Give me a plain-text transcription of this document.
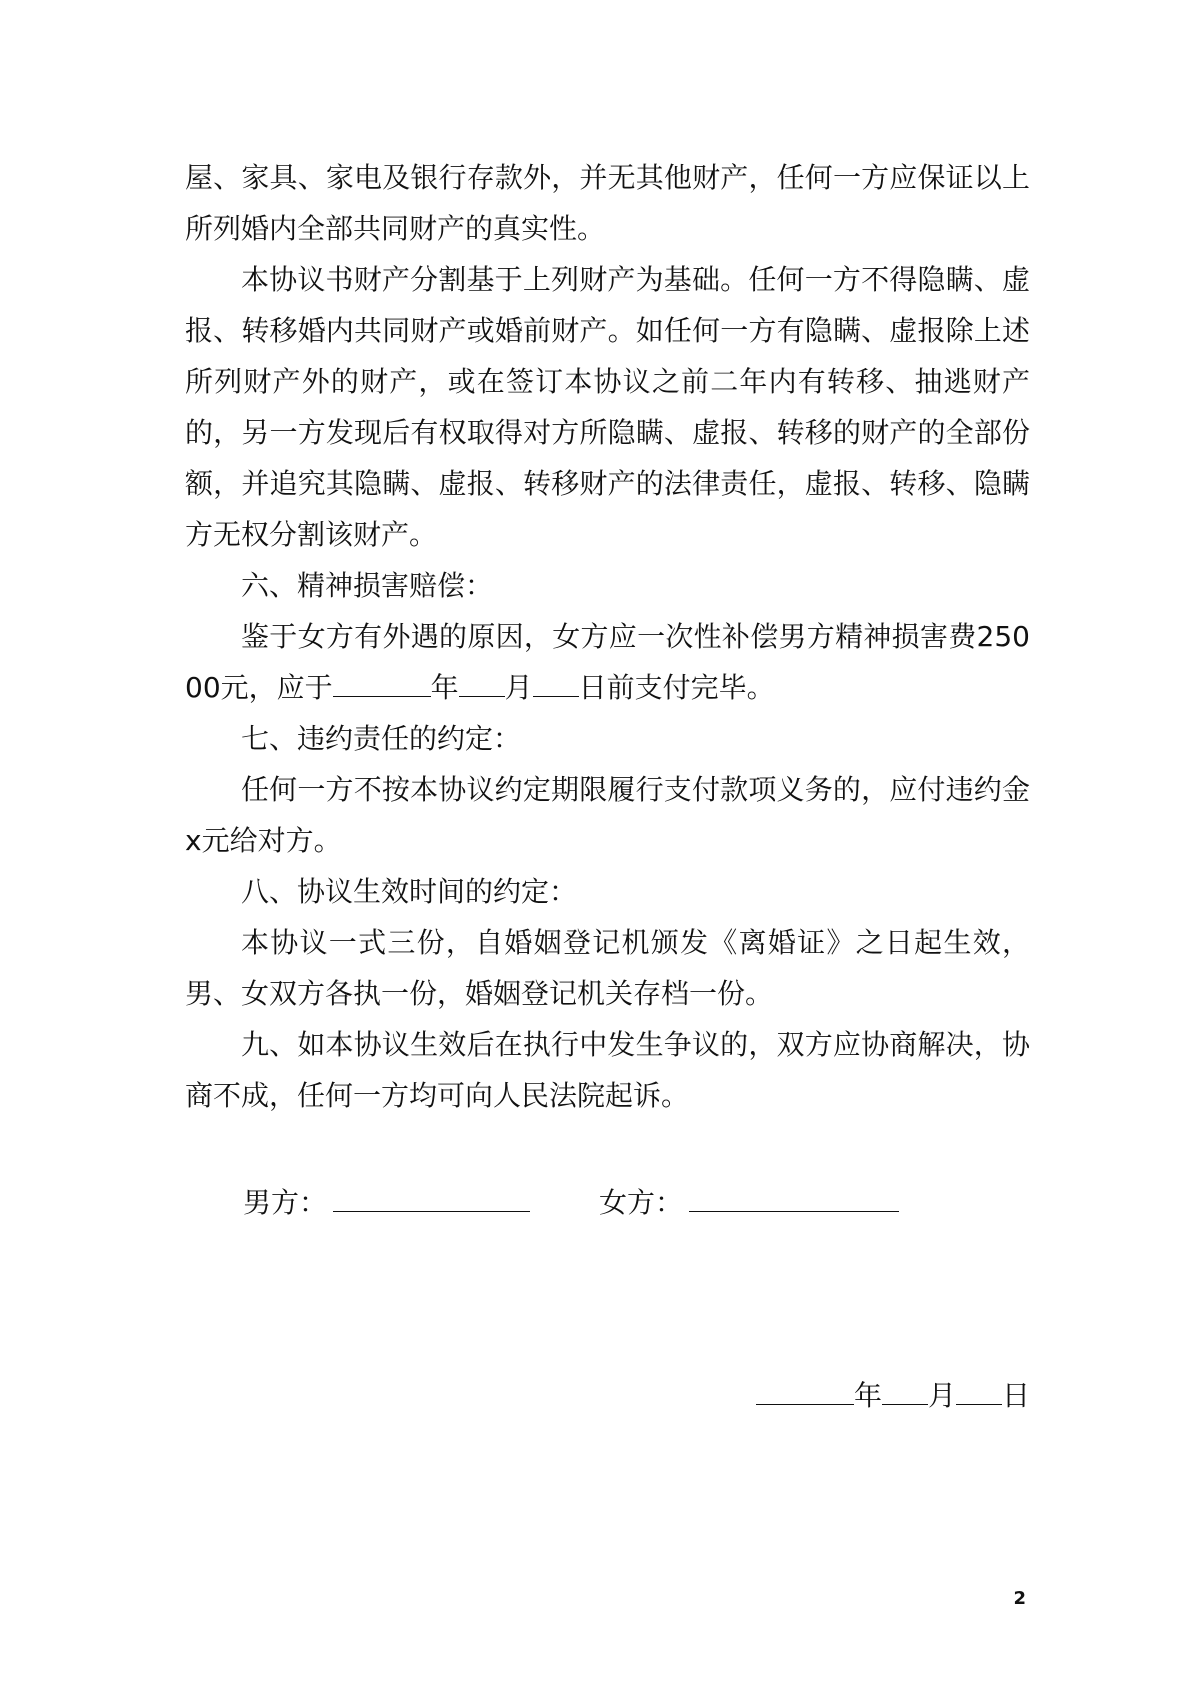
屋、家具、家电及银行存款外，并无其他财产，任何一方应保证以上所列婚内全部共同财产的真实性。

本协议书财产分割基于上列财产为基础。任何一方不得隐瞒、虚报、转移婚内共同财产或婚前财产。如任何一方有隐瞒、虚报除上述所列财产外的财产，或在签订本协议之前二年内有转移、抽逃财产的，另一方发现后有权取得对方所隐瞒、虚报、转移的财产的全部份额，并追究其隐瞒、虚报、转移财产的法律责任，虚报、转移、隐瞒方无权分割该财产。

六、精神损害赔偿：

鉴于女方有外遇的原因，女方应一次性补偿男方精神损害费25000元，应于	年 月 日前支付完毕。

七、违约责任的约定：

任何一方不按本协议约定期限履行支付款项义务的，应付违约金x元给对方。

八、协议生效时间的约定：

本协议一式三份，自婚姻登记机颁发《离婚证》之日起生效，男、女双方各执一份，婚姻登记机关存档一份。

九、如本协议生效后在执行中发生争议的，双方应协商解决，协商不成，任何一方均可向人民法院起诉。

男方：	女方：
年 月 日
2
